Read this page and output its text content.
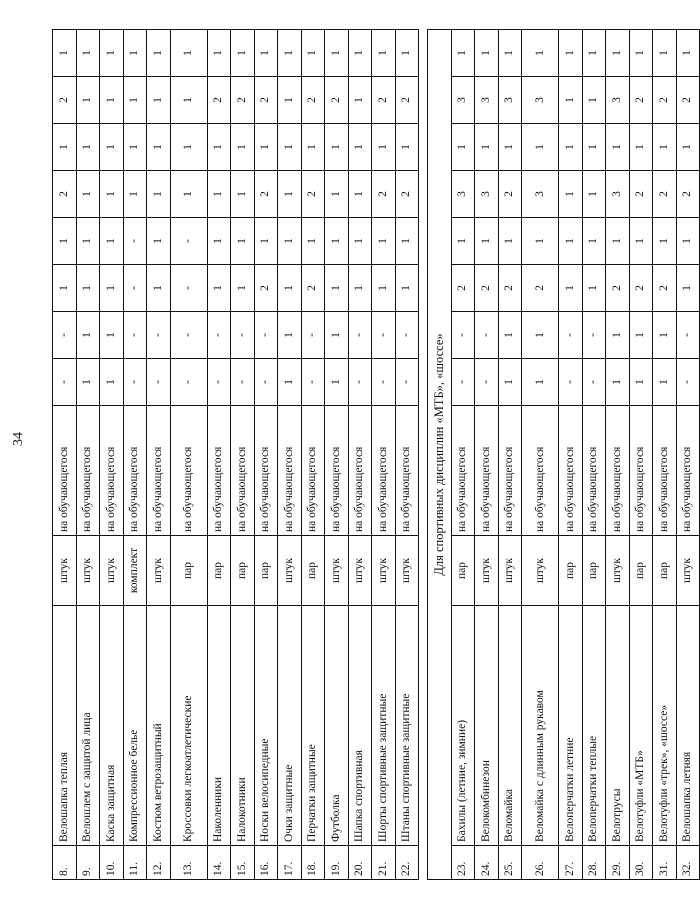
34
8.	Велошапка теплая	штук	на обучающегося	-	-	1	1	2	1	2	1
9.	Велошлем с защитой лица	штук	на обучающегося	1	1	1	1	1	1	1	1
10.	Каска защитная	штук	на обучающегося	1	1	1	1	1	1	1	1
11.	Компрессионное белье	комплект	на обучающегося	-	-	-	-	1	1	1	1
12.	Костюм ветрозащитный	штук	на обучающегося	-	-	1	1	1	1	1	1
13.	Кроссовки легкоатлетические	пар	на обучающегося	-	-	-	-	1	1	1	1
14.	Наколенники	пар	на обучающегося	-	-	1	1	1	1	2	1
15.	Налокотники	пар	на обучающегося	-	-	1	1	1	1	2	1
16.	Носки велосипедные	пар	на обучающегося	-	-	2	1	2	1	2	1
17.	Очки защитные	штук	на обучающегося	1	1	1	1	1	1	1	1
18.	Перчатки защитные	пар	на обучающегося	-	-	2	1	2	1	2	1
19.	Футболка	штук	на обучающегося	1	1	1	1	1	1	2	1
20.	Шапка спортивная	штук	на обучающегося	-	-	1	1	1	1	1	1
21.	Шорты спортивные защитные	штук	на обучающегося	-	-	1	1	2	1	2	1
22.	Штаны спортивные защитные	штук	на обучающегося	-	-	1	1	2	1	2	1

Для спортивных дисциплин «МТБ», «шоссе»											
23.	Бахилы (летние, зимние)	пар	на обучающегося	-	-	2	1	3	1	3	1
24.	Велокомбинезон	штук	на обучающегося	-	-	2	1	3	1	3	1
25.	Веломайка	штук	на обучающегося	1	1	2	1	2	1	3	1
26.	Веломайка с длинным рукавом	штук	на обучающегося	1	1	2	1	3	1	3	1
27.	Велоперчатки летние	пар	на обучающегося	-	-	1	1	1	1	1	1
28.	Велоперчатки теплые	пар	на обучающегося	-	-	1	1	1	1	1	1
29.	Велотрусы	штук	на обучающегося	1	1	2	1	3	1	3	1
30.	Велотуфли «МТБ»	пар	на обучающегося	1	1	2	1	2	1	2	1
31.	Велотуфли «трек», «шоссе»	пар	на обучающегося	1	1	2	1	2	1	2	1
32.	Велошапка летняя	штук	на обучающегося	-	-	1	1	2	1	2	1
